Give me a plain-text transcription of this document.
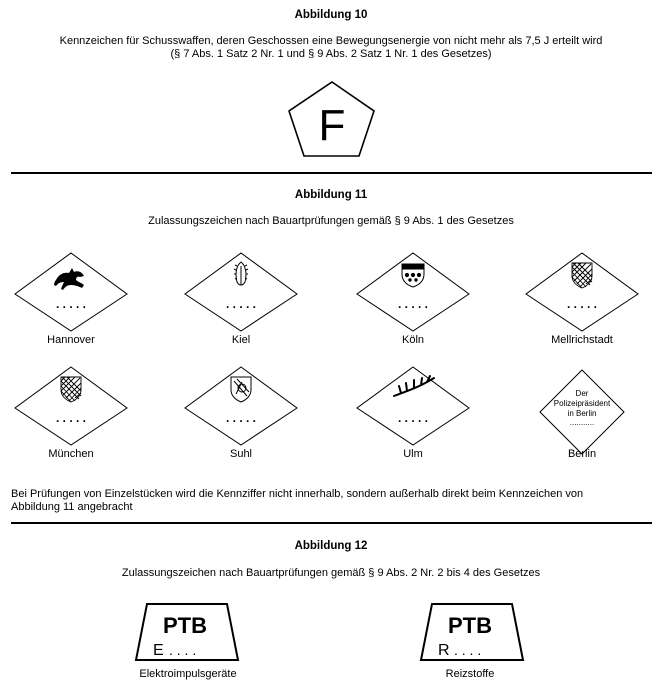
Abbildung 10
Kennzeichen für Schusswaffen, deren Geschossen eine Bewegungsenergie von nicht mehr als 7,5 J erteilt wird
(§ 7 Abs. 1 Satz 2 Nr. 1 und § 9 Abs. 2 Satz 1 Nr. 1 des Gesetzes)
F
Abbildung 11
Zulassungszeichen nach Bauartprüfungen gemäß § 9 Abs. 1 des Gesetzes
. . . . .	. . . . .	. . . . .	. . . . .
Hannover	Kiel	Köln	Mellrichstadt
. . . . .	. . . . .	. . . . .
Der
Polizeipräsident
in Berlin
...........
München	Suhl	Ulm	Berlin
Bei Prüfungen von Einzelstücken wird die Kennziffer nicht innerhalb, sondern außerhalb direkt beim Kennzeichen von
Abbildung 11 angebracht
Abbildung 12
Zulassungszeichen nach Bauartprüfungen gemäß § 9 Abs. 2 Nr. 2 bis 4 des Gesetzes
PTB
E . . . .
Elektroimpulsgeräte
PTB
R . . . .
Reizstoffe
